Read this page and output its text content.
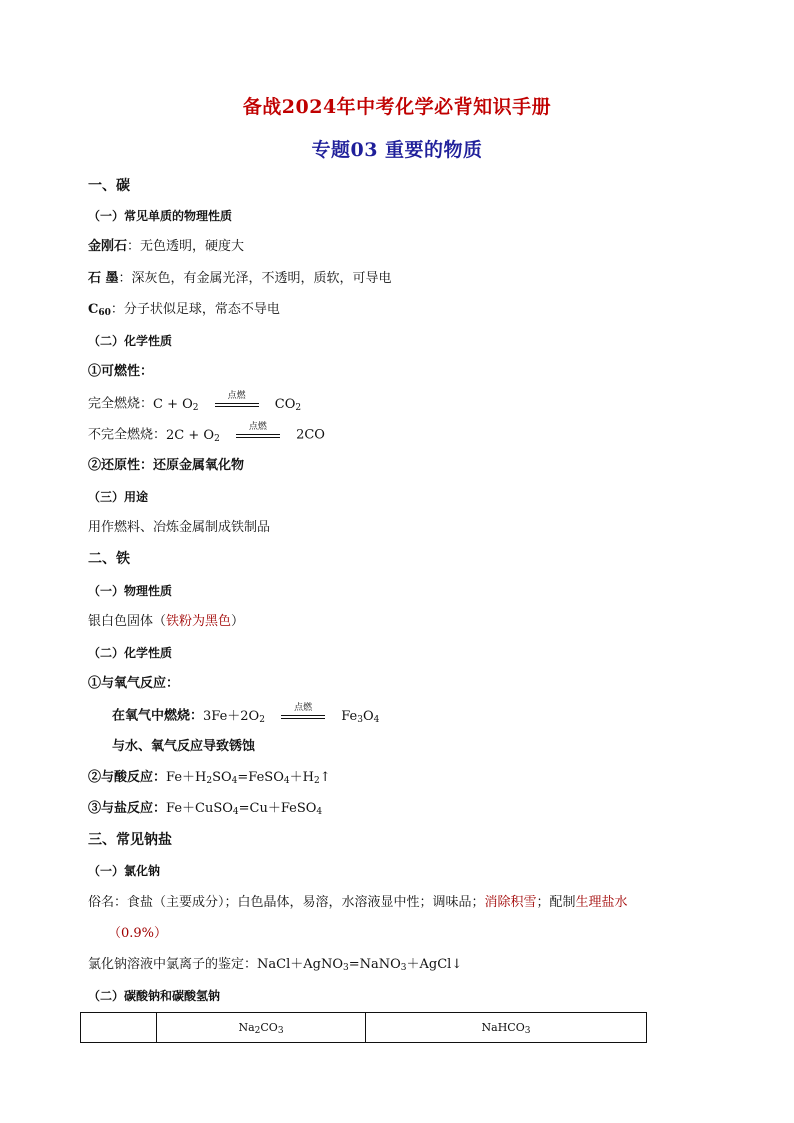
备战2024年中考化学必背知识手册
专题03 重要的物质
一、碳
（一）常见单质的物理性质
金刚石：无色透明，硬度大
石 墨：深灰色，有金属光泽，不透明，质软，可导电
$C_{60}$：分子状似足球，常态不导电
（二）化学性质
①可燃性：
完全燃烧：$C + O_2$
点燃
$CO_2$
不完全燃烧：$2C + O_2$
点燃
2CO
②还原性：还原金属氧化物
（三）用途
用作燃料、冶炼金属制成铁制品
二、铁
（一）物理性质
银白色固体（铁粉为黑色）
（二）化学性质
①与氧气反应：
在氧气中燃烧：$3Fe+2O_2$
点燃
$Fe_3O_4$
与水、氧气反应导致锈蚀
②与酸反应：$Fe+H_2SO_4=FeSO_4+H_2↑$
③与盐反应：Fe＋CuSO$_4$=Cu＋FeSO$_4$
三、常见钠盐
（一）氯化钠
俗名：食盐（主要成分）；白色晶体，易溶，水溶液显中性；调味品；消除积雪；配制生理盐水
（0.9%）
氯化钠溶液中氯离子的鉴定：NaCl＋AgNO$_3$=NaNO$_3$＋AgCl↓
（二）碳酸钠和碳酸氢钠
	$Na_2CO_3$	NaHCO$_3$
